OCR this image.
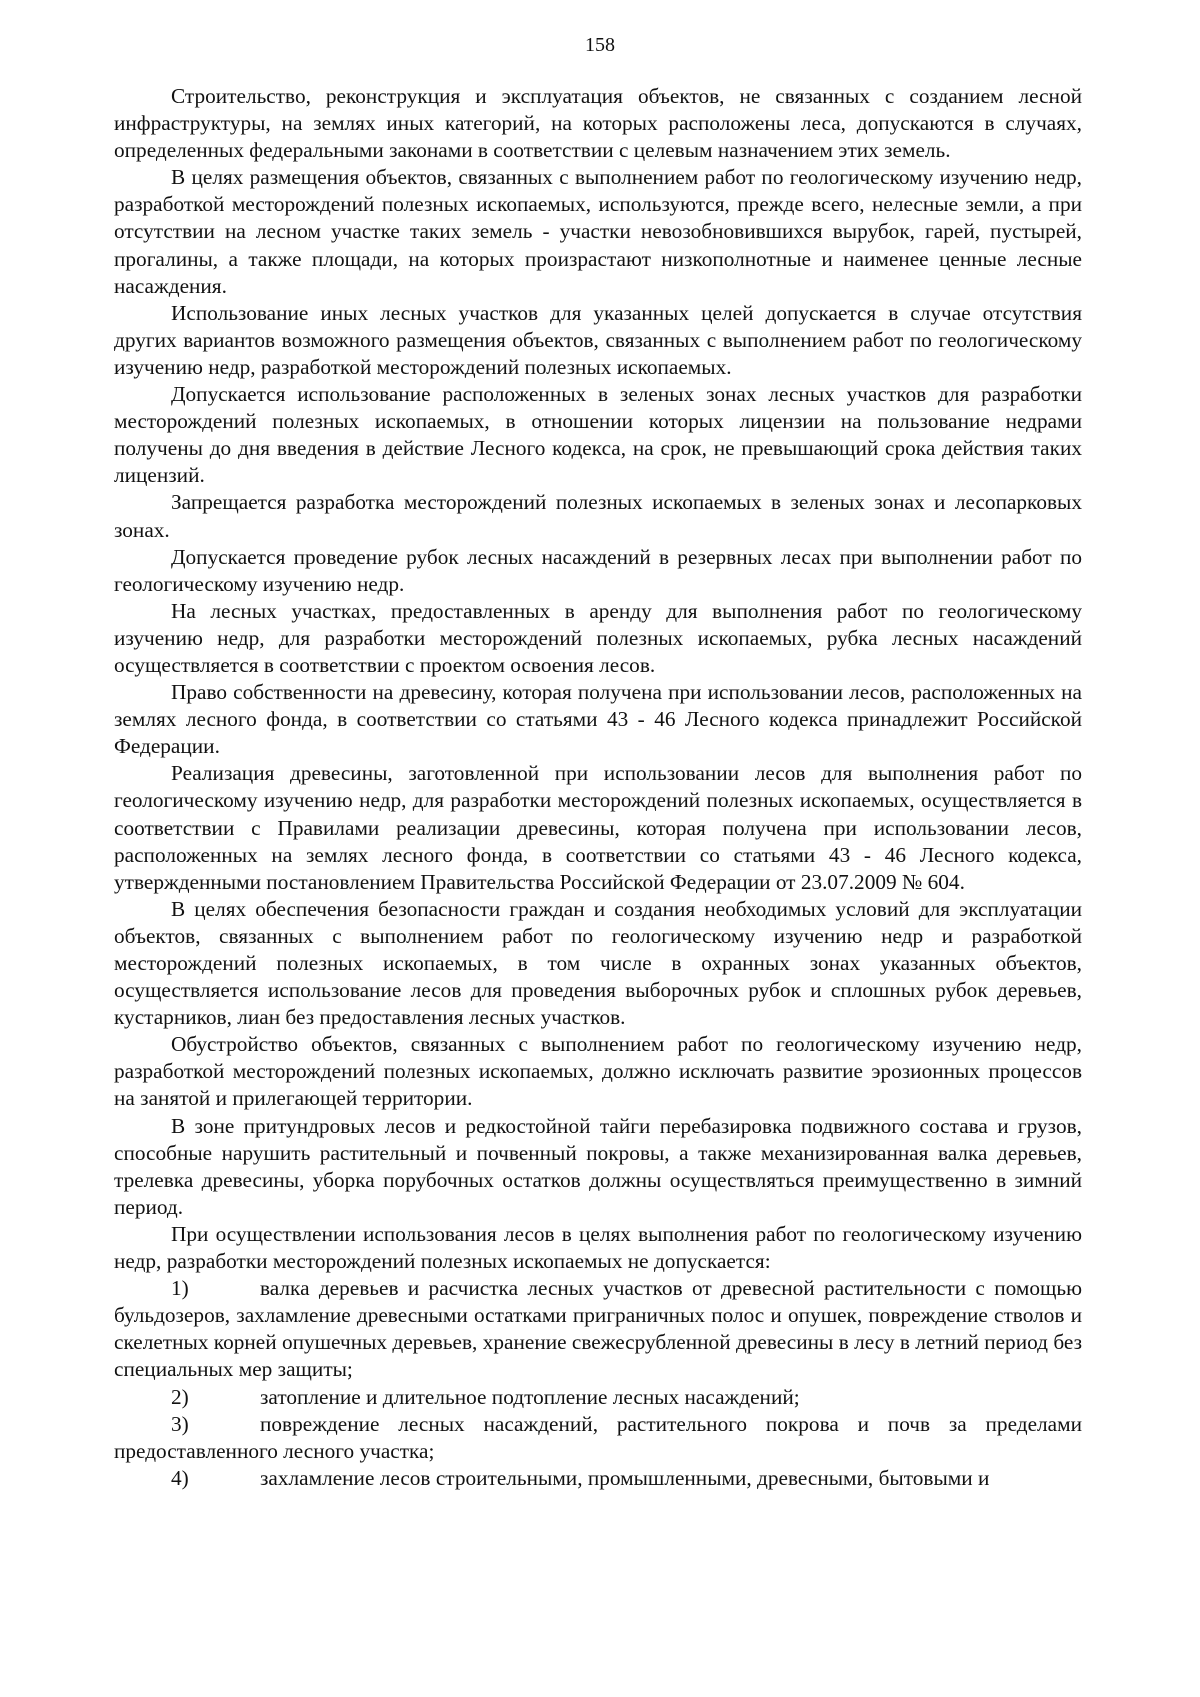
158

Строительство, реконструкция и эксплуатация объектов, не связанных с созданием лесной инфраструктуры, на землях иных категорий, на которых расположены леса, допускаются в случаях, определенных федеральными законами в соответствии с целевым назначением этих земель.

В целях размещения объектов, связанных с выполнением работ по геологическому изучению недр, разработкой месторождений полезных ископаемых, используются, прежде всего, нелесные земли, а при отсутствии на лесном участке таких земель - участки невозобновившихся вырубок, гарей, пустырей, прогалины, а также площади, на которых произрастают низкополнотные и наименее ценные лесные насаждения.

Использование иных лесных участков для указанных целей допускается в случае отсутствия других вариантов возможного размещения объектов, связанных с выполнением работ по геологическому изучению недр, разработкой месторождений полезных ископаемых.

Допускается использование расположенных в зеленых зонах лесных участков для разработки месторождений полезных ископаемых, в отношении которых лицензии на пользование недрами получены до дня введения в действие Лесного кодекса, на срок, не превышающий срока действия таких лицензий.

Запрещается разработка месторождений полезных ископаемых в зеленых зонах и лесопарковых зонах.

Допускается проведение рубок лесных насаждений в резервных лесах при выполнении работ по геологическому изучению недр.

На лесных участках, предоставленных в аренду для выполнения работ по геологическому изучению недр, для разработки месторождений полезных ископаемых, рубка лесных насаждений осуществляется в соответствии с проектом освоения лесов.

Право собственности на древесину, которая получена при использовании лесов, расположенных на землях лесного фонда, в соответствии со статьями 43 - 46 Лесного кодекса принадлежит Российской Федерации.

Реализация древесины, заготовленной при использовании лесов для выполнения работ по геологическому изучению недр, для разработки месторождений полезных ископаемых, осуществляется в соответствии с Правилами реализации древесины, которая получена при использовании лесов, расположенных на землях лесного фонда, в соответствии со статьями 43 - 46 Лесного кодекса, утвержденными постановлением Правительства Российской Федерации от 23.07.2009 № 604.

В целях обеспечения безопасности граждан и создания необходимых условий для эксплуатации объектов, связанных с выполнением работ по геологическому изучению недр и разработкой месторождений полезных ископаемых, в том числе в охранных зонах указанных объектов, осуществляется использование лесов для проведения выборочных рубок и сплошных рубок деревьев, кустарников, лиан без предоставления лесных участков.

Обустройство объектов, связанных с выполнением работ по геологическому изучению недр, разработкой месторождений полезных ископаемых, должно исключать развитие эрозионных процессов на занятой и прилегающей территории.

В зоне притундровых лесов и редкостойной тайги перебазировка подвижного состава и грузов, способные нарушить растительный и почвенный покровы, а также механизированная валка деревьев, трелевка древесины, уборка порубочных остатков должны осуществляться преимущественно в зимний период.

При осуществлении использования лесов в целях выполнения работ по геологическому изучению недр, разработки месторождений полезных ископаемых не допускается:

1)	валка деревьев и расчистка лесных участков от древесной растительности с помощью бульдозеров, захламление древесными остатками приграничных полос и опушек, повреждение стволов и скелетных корней опушечных деревьев, хранение свежесрубленной древесины в лесу в летний период без специальных мер защиты;

2)	затопление и длительное подтопление лесных насаждений;

3)	повреждение лесных насаждений, растительного покрова и почв за пределами предоставленного лесного участка;

4)	захламление лесов строительными, промышленными, древесными, бытовыми и
